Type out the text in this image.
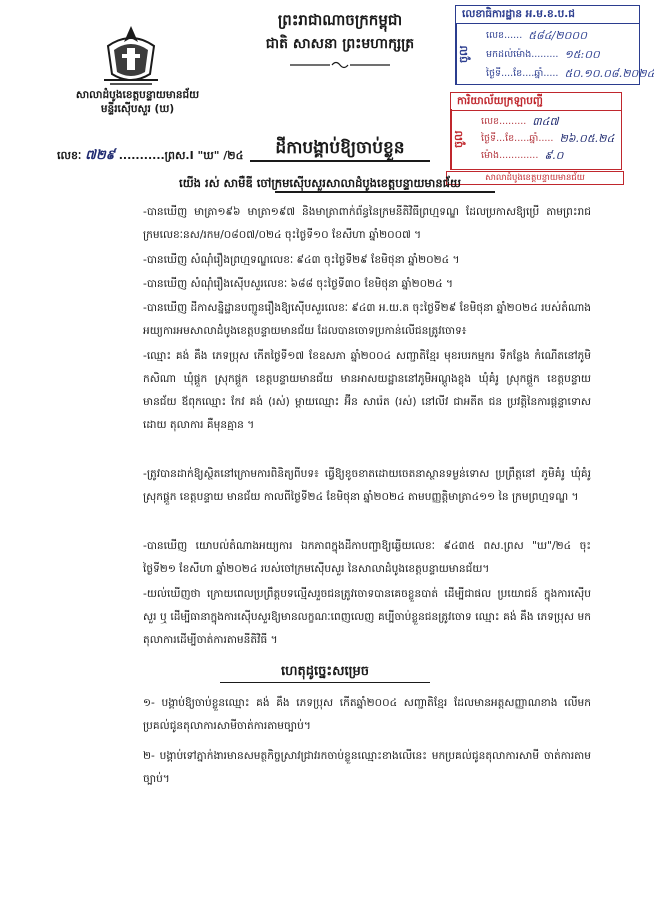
សាលាដំបូងខេត្តបន្ទាយមានជ័យ
មន្ទីរស៊ើបសួរ (ឃ)
ព្រះរាជាណាចក្រកម្ពុជា
ជាតិ សាសនា ព្រះមហាក្សត្រ
លេខាធិការដ្ឋាន អ.ម.ខ.ប.ជ
ចូល
លេខ...... ៥៨៤/២០០០
មកដល់ម៉ោង......... ១៥:០០
ថ្ងៃទី....ខែ....ឆ្នាំ..... ៥០.១០.០៨.២០២៤
ការិយាល័យក្រឡាបញ្ជី
ចូល
លេខ......... ៣៤៧
ថ្ងៃទី...ខែ.....ឆ្នាំ..... ២៦.០៥.២៤
ម៉ោង............. ៩.០
សាលាដំបូងខេត្តបន្ទាយមានជ័យ
លេខៈ ៧២៩ ...........ព្រស.I "ឃ" /២៤	ដីកាបង្គាប់ឱ្យចាប់ខ្លួន
យើង រស់ សាមឺឌី ចៅក្រមស៊ើបសួរសាលាដំបូងខេត្តបន្ទាយមានជ័យ
-បានឃើញ មាត្រា១៩៦ មាត្រា១៩៧ និងមាត្រាពាក់ព័ន្ធនៃក្រមនីតិវិធីព្រហ្មទណ្ឌ ដែលប្រកាសឱ្យប្រើ តាមព្រះរាជក្រមលេខៈនស/រកម/០៨០៧/០២៤ ចុះថ្ងៃទី១០ ខែសីហា ឆ្នាំ២០០៧ ។
-បានឃើញ សំណុំរឿងព្រហ្មទណ្ឌលេខៈ ៩៤៣ ចុះថ្ងៃទី២៩ ខែមិថុនា ឆ្នាំ២០២៤ ។
-បានឃើញ សំណុំរឿងស៊ើបសួរលេខៈ ៦៨៨ ចុះថ្ងៃទី៣០ ខែមិថុនា ឆ្នាំ២០២៤ ។
-បានឃើញ ដីកាសន្និដ្ឋានបញ្ជូនរឿងឱ្យស៊ើបសួរលេខៈ ៩៤៣ អ.យ.ត ចុះថ្ងៃទី២៩ ខែមិថុនា ឆ្នាំ២០២៤ របស់តំណាងអយ្យការអមសាលាដំបូងខេត្តបន្ទាយមានជ័យ ដែលបានចោទប្រកាន់លើជនត្រូវចោទ៖
-ឈ្មោះ គង់ គឹង ភេទប្រុស កើតថ្ងៃទី១៧ ខែឧសភា ឆ្នាំ២០០៤ សញ្ជាតិខ្មែរ មុខរបរកម្មករ ទីកន្លែង កំណើតនៅភូមិកសិណា ឃុំផ្គួក ស្រុកផ្គួក ខេត្តបន្ទាយមានជ័យ មានអាសយដ្ឋាននៅភូមិអណ្ដូងខ្លុង ឃុំគំរូ ស្រុកផ្គួក ខេត្តបន្ទាយមានជ័យ ឪពុកឈ្មោះ កែវ គង់ (រស់) ម្ដាយឈ្មោះ អ៊ីន សារ៉េត (រស់) នៅលីវ ជាអតីត ជន ប្រវត្តិនៃការផ្ដន្ទាទោសដោយ តុលាការ គឺមុនគ្មាន ។
-ត្រូវបានដាក់ឱ្យស្ថិតនៅក្រោមការពិនិត្យពីបទ៖ ធ្វើឱ្យខូចខាតដោយចេតនាស្ថានទម្ងន់ទោស ប្រព្រឹត្តនៅ ភូមិគំរូ ឃុំគំរូ ស្រុកផ្គួក ខេត្តបន្ទាយ មានជ័យ កាលពីថ្ងៃទី២៤ ខែមិថុនា ឆ្នាំ២០២៤ តាមបញ្ញត្តិមាត្រា៤១១ នៃ ក្រមព្រហ្មទណ្ឌ ។
-បានឃើញ យោបល់តំណាងអយ្យការ ឯកភាពក្នុងដីកាបញ្ជាឱ្យឆ្លើយលេខៈ ៩៤៣៥ ពស.ព្រស "ឃ"/២៤ ចុះថ្ងៃទី២១ ខែសីហា ឆ្នាំ២០២៤ របស់ចៅក្រមស៊ើបសួរ នៃសាលាដំបូងខេត្តបន្ទាយមានជ័យ។
-យល់ឃើញថា ក្រោយពេលប្រព្រឹត្តបទល្មើសរួចជនត្រូវចោទបានគេចខ្លួនបាត់ ដើម្បីជាផល ប្រយោជន៍ ក្នុងការស៊ើបសួរ ឬ ដើម្បីធានាក្នុងការស៊ើបសួរឱ្យមានលក្ខណៈពេញលេញ គប្បីចាប់ខ្លួនជនត្រូវចោទ ឈ្មោះ គង់ គឹង ភេទប្រុស មកតុលាការដើម្បីចាត់ការតាមនីតិវិធី ។
ហេតុដូច្នេះសម្រេច
១- បង្គាប់ឱ្យចាប់ខ្លួនឈ្មោះ គង់ គឹង ភេទប្រុស កើតឆ្នាំ២០០៤ សញ្ជាតិខ្មែរ ដែលមានអត្តសញ្ញាណខាង លើមកប្រគល់ជូនតុលាការសាមីចាត់ការតាមច្បាប់។
២- បង្គាប់ទៅភ្នាក់ងារមានសមត្ថកិច្ចស្រាវជ្រាវរកចាប់ខ្លួនឈ្មោះខាងលើនេះ មកប្រគល់ជូនតុលាការសាមី ចាត់ការតាមច្បាប់។
